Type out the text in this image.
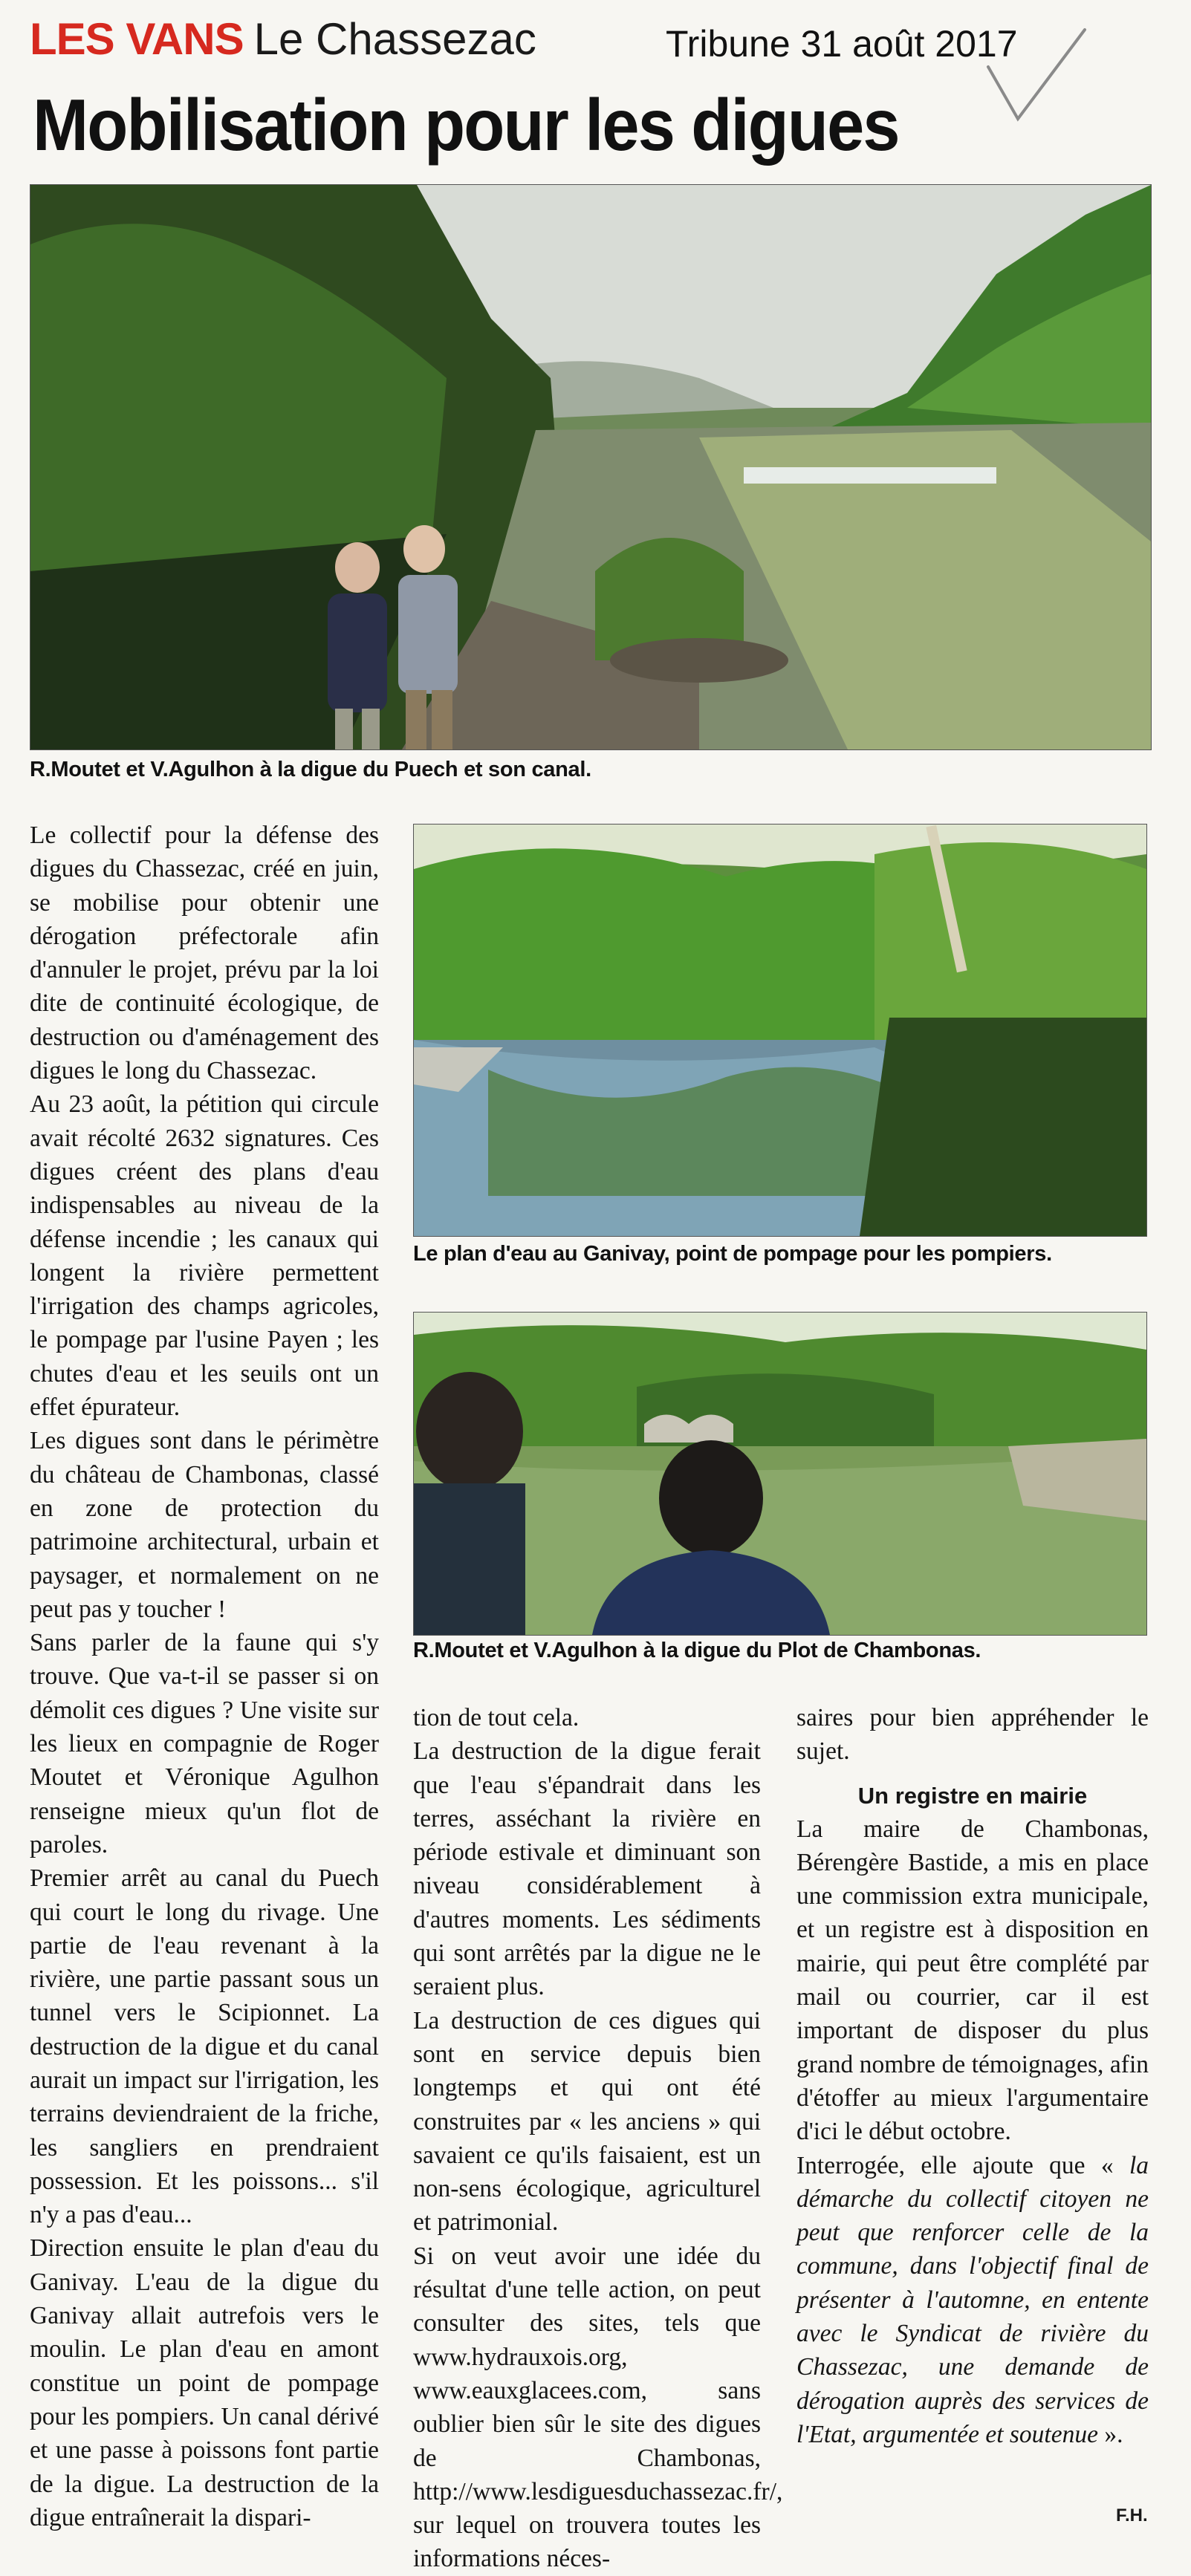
LES VANS Le Chassezac	Tribune 31 août 2017
Mobilisation pour les digues
R.Moutet et V.Agulhon à la digue du Puech et son canal.
Le plan d'eau au Ganivay, point de pompage pour les pompiers.
R.Moutet et V.Agulhon à la digue du Plot de Chambonas.

Le collectif pour la défense des digues du Chassezac, créé en juin, se mobilise pour obtenir une dérogation préfectorale afin d'annuler le projet, prévu par la loi dite de continuité écologique, de destruction ou d'aménagement des digues le long du Chassezac.

Au 23 août, la pétition qui circule avait récolté 2632 signatures. Ces digues créent des plans d'eau indispensables au niveau de la défense incendie ; les canaux qui longent la rivière permettent l'irrigation des champs agricoles, le pompage par l'usine Payen ; les chutes d'eau et les seuils ont un effet épurateur.

Les digues sont dans le périmètre du château de Chambonas, classé en zone de protection du patrimoine architectural, urbain et paysager, et normalement on ne peut pas y toucher !

Sans parler de la faune qui s'y trouve. Que va-t-il se passer si on démolit ces digues ? Une visite sur les lieux en compagnie de Roger Moutet et Véronique Agulhon renseigne mieux qu'un flot de paroles.

Premier arrêt au canal du Puech qui court le long du rivage. Une partie de l'eau revenant à la rivière, une partie passant sous un tunnel vers le Scipionnet. La destruction de la digue et du canal aurait un impact sur l'irrigation, les terrains deviendraient de la friche, les sangliers en prendraient possession. Et les poissons... s'il n'y a pas d'eau...

Direction ensuite le plan d'eau du Ganivay. L'eau de la digue du Ganivay allait autrefois vers le moulin. Le plan d'eau en amont constitue un point de pompage pour les pompiers. Un canal dérivé et une passe à poissons font partie de la digue. La destruction de la digue entraînerait la dispari-

tion de tout cela.

La destruction de la digue ferait que l'eau s'épandrait dans les terres, asséchant la rivière en période estivale et diminuant son niveau considérablement à d'autres moments. Les sédiments qui sont arrêtés par la digue ne le seraient plus.

La destruction de ces digues qui sont en service depuis bien longtemps et qui ont été construites par « les anciens » qui savaient ce qu'ils faisaient, est un non-sens écologique, agriculturel et patrimonial.

Si on veut avoir une idée du résultat d'une telle action, on peut consulter des sites, tels que www.hydrauxois.org, www.eauxglacees.com, sans oublier bien sûr le site des digues de Chambonas, http://www.lesdiguesduchassezac.fr/, sur lequel on trouvera toutes les informations néces-

saires pour bien appréhender le sujet.

Un registre en mairie

La maire de Chambonas, Bérengère Bastide, a mis en place une commission extra municipale, et un registre est à disposition en mairie, qui peut être complété par mail ou courrier, car il est important de disposer du plus grand nombre de témoignages, afin d'étoffer au mieux l'argumentaire d'ici le début octobre.

Interrogée, elle ajoute que « la démarche du collectif citoyen ne peut que renforcer celle de la commune, dans l'objectif final de présenter à l'automne, en entente avec le Syndicat de rivière du Chassezac, une demande de dérogation auprès des services de l'Etat, argumentée et soutenue ».

F.H.
